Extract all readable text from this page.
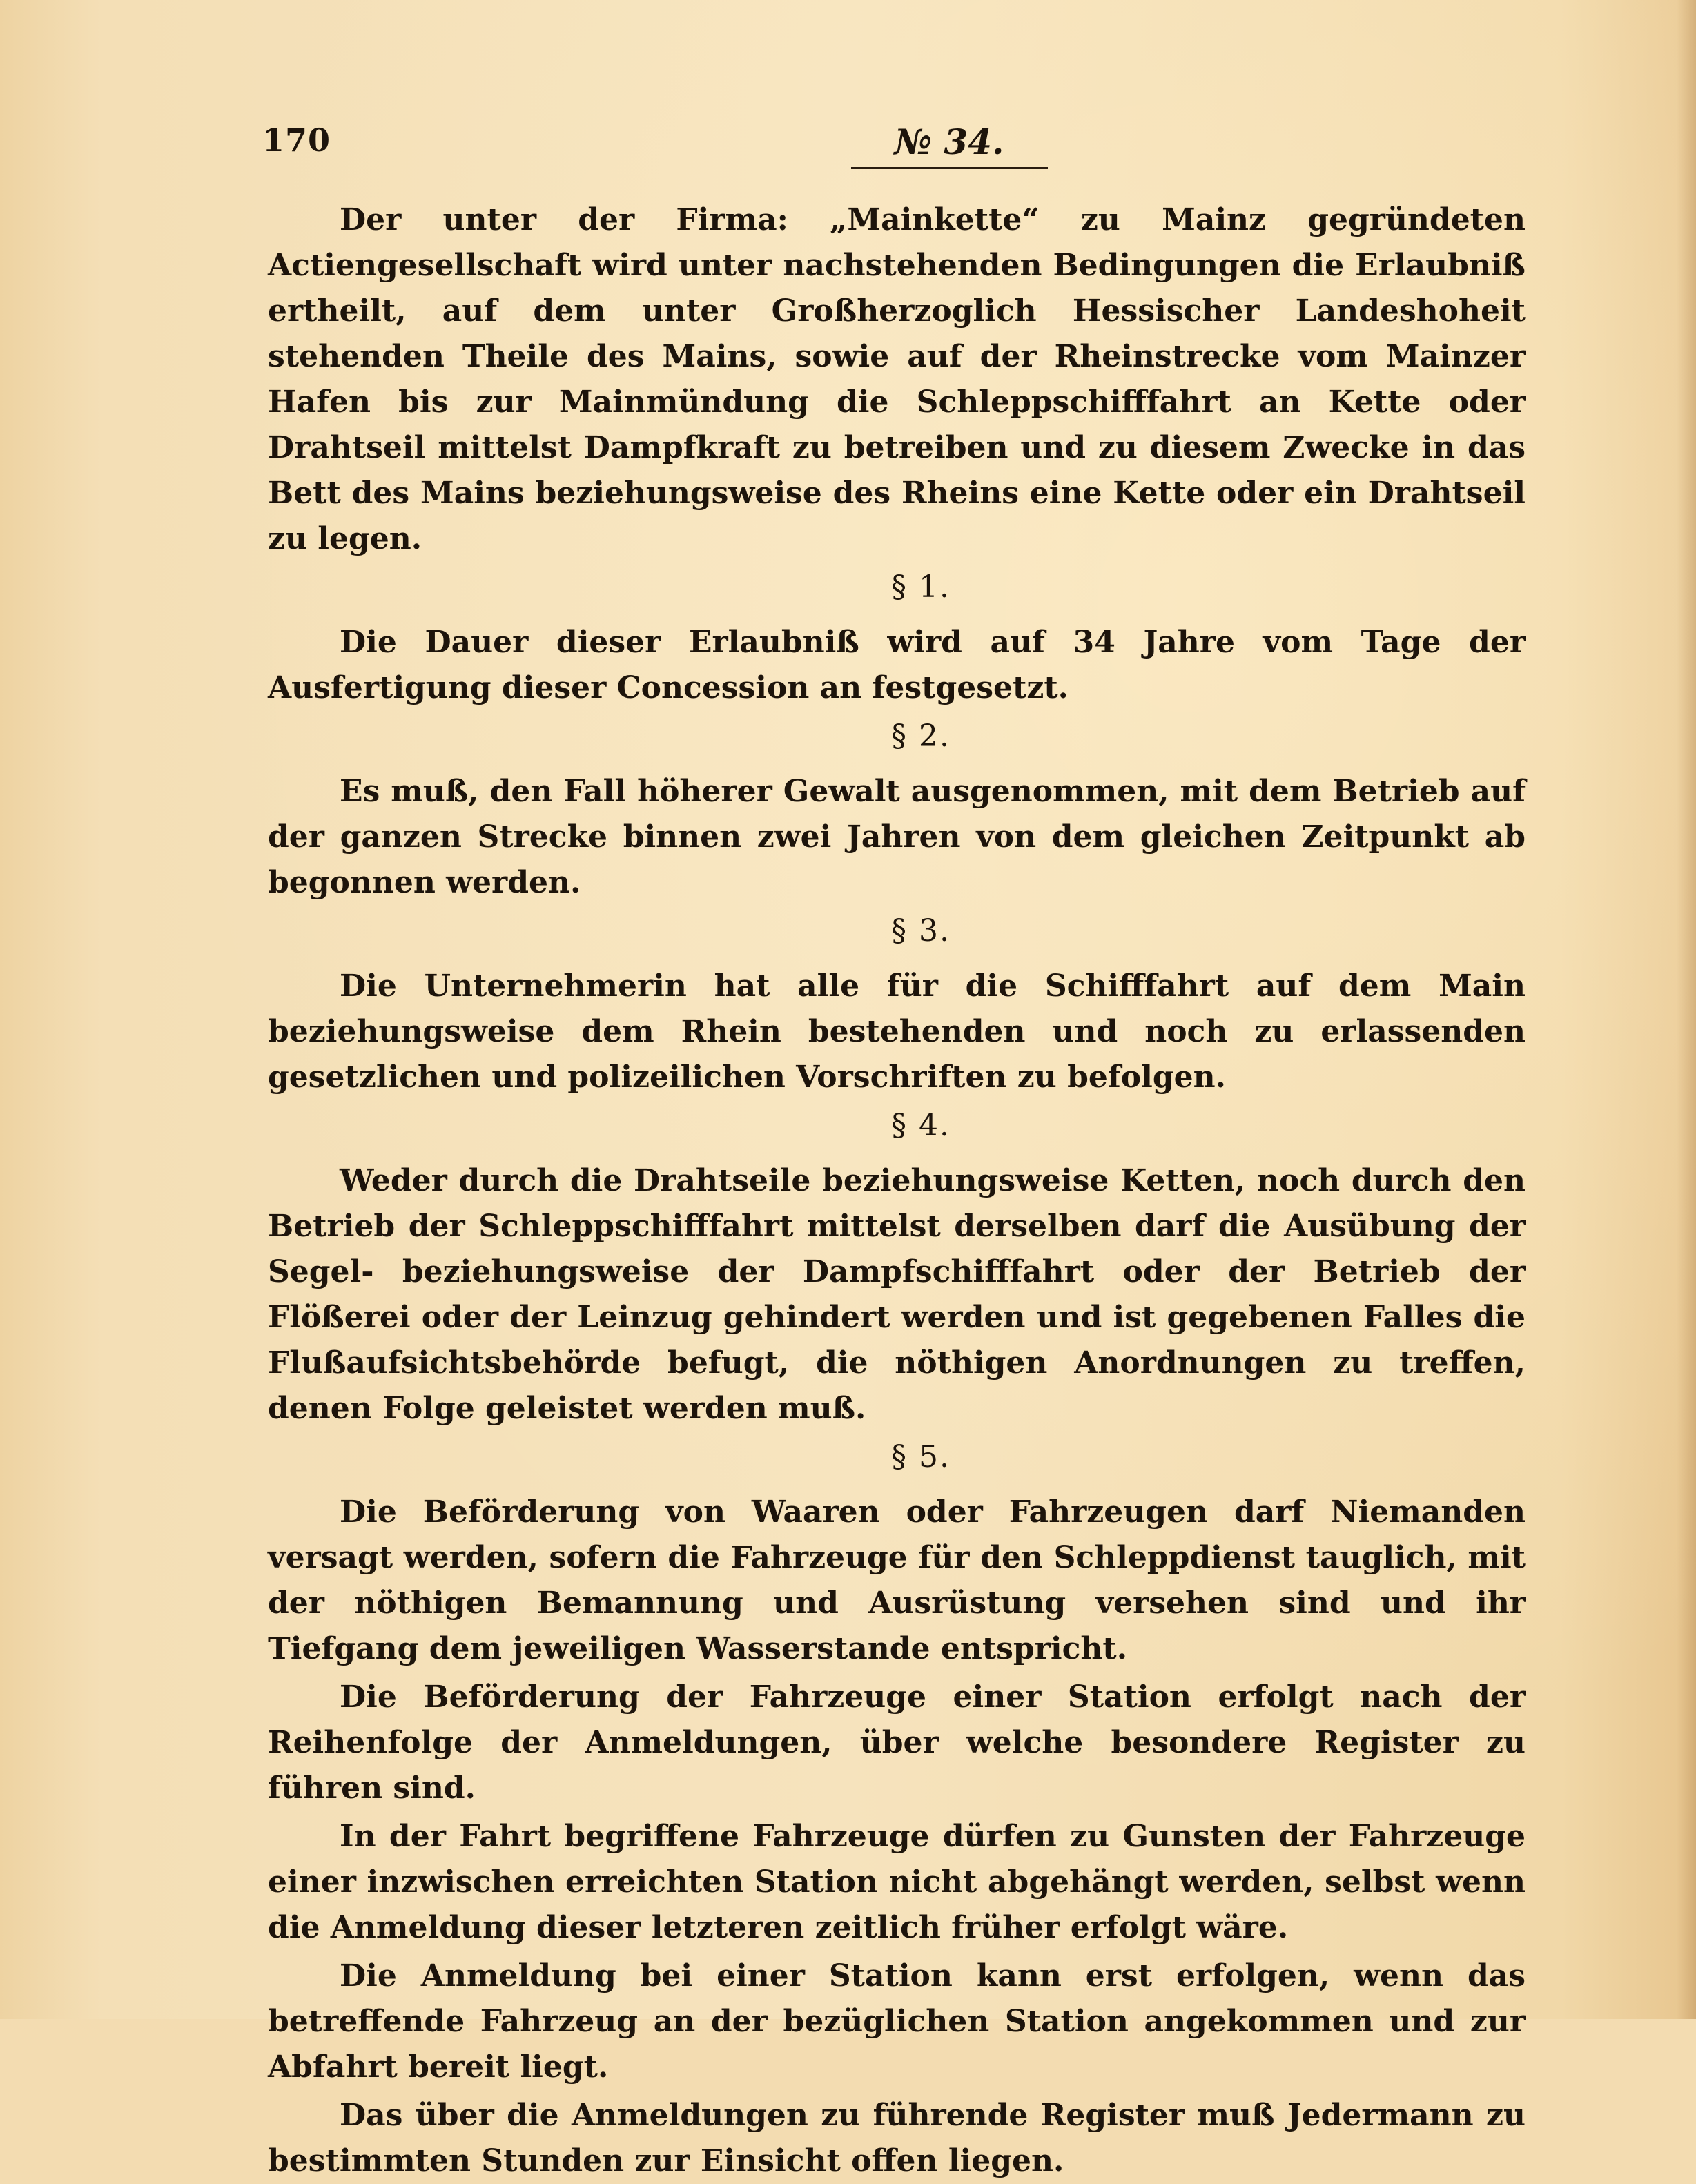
170	№ 34.

Der unter der Firma: „Mainkette“ zu Mainz gegründeten Actiengesellschaft wird unter nachstehenden Bedingungen die Erlaubniß ertheilt, auf dem unter Großherzoglich Hessischer Landeshoheit stehenden Theile des Mains, sowie auf der Rheinstrecke vom Mainzer Hafen bis zur Mainmündung die Schleppschifffahrt an Kette oder Drahtseil mittelst Dampfkraft zu betreiben und zu diesem Zwecke in das Bett des Mains beziehungsweise des Rheins eine Kette oder ein Drahtseil zu legen.

§ 1.

Die Dauer dieser Erlaubniß wird auf 34 Jahre vom Tage der Ausfertigung dieser Concession an festgesetzt.

§ 2.

Es muß, den Fall höherer Gewalt ausgenommen, mit dem Betrieb auf der ganzen Strecke binnen zwei Jahren von dem gleichen Zeitpunkt ab begonnen werden.

§ 3.

Die Unternehmerin hat alle für die Schifffahrt auf dem Main beziehungsweise dem Rhein bestehenden und noch zu erlassenden gesetzlichen und polizeilichen Vorschriften zu befolgen.

§ 4.

Weder durch die Drahtseile beziehungsweise Ketten, noch durch den Betrieb der Schleppschifffahrt mittelst derselben darf die Ausübung der Segel- beziehungsweise der Dampfschifffahrt oder der Betrieb der Flößerei oder der Leinzug gehindert werden und ist gegebenen Falles die Flußaufsichtsbehörde befugt, die nöthigen Anordnungen zu treffen, denen Folge geleistet werden muß.

§ 5.

Die Beförderung von Waaren oder Fahrzeugen darf Niemanden versagt werden, sofern die Fahrzeuge für den Schleppdienst tauglich, mit der nöthigen Bemannung und Ausrüstung versehen sind und ihr Tiefgang dem jeweiligen Wasserstande entspricht.

Die Beförderung der Fahrzeuge einer Station erfolgt nach der Reihenfolge der Anmeldungen, über welche besondere Register zu führen sind.

In der Fahrt begriffene Fahrzeuge dürfen zu Gunsten der Fahrzeuge einer inzwischen erreichten Station nicht abgehängt werden, selbst wenn die Anmeldung dieser letzteren zeitlich früher erfolgt wäre.

Die Anmeldung bei einer Station kann erst erfolgen, wenn das betreffende Fahrzeug an der bezüglichen Station angekommen und zur Abfahrt bereit liegt.

Das über die Anmeldungen zu führende Register muß Jedermann zu bestimmten Stunden zur Einsicht offen liegen.
